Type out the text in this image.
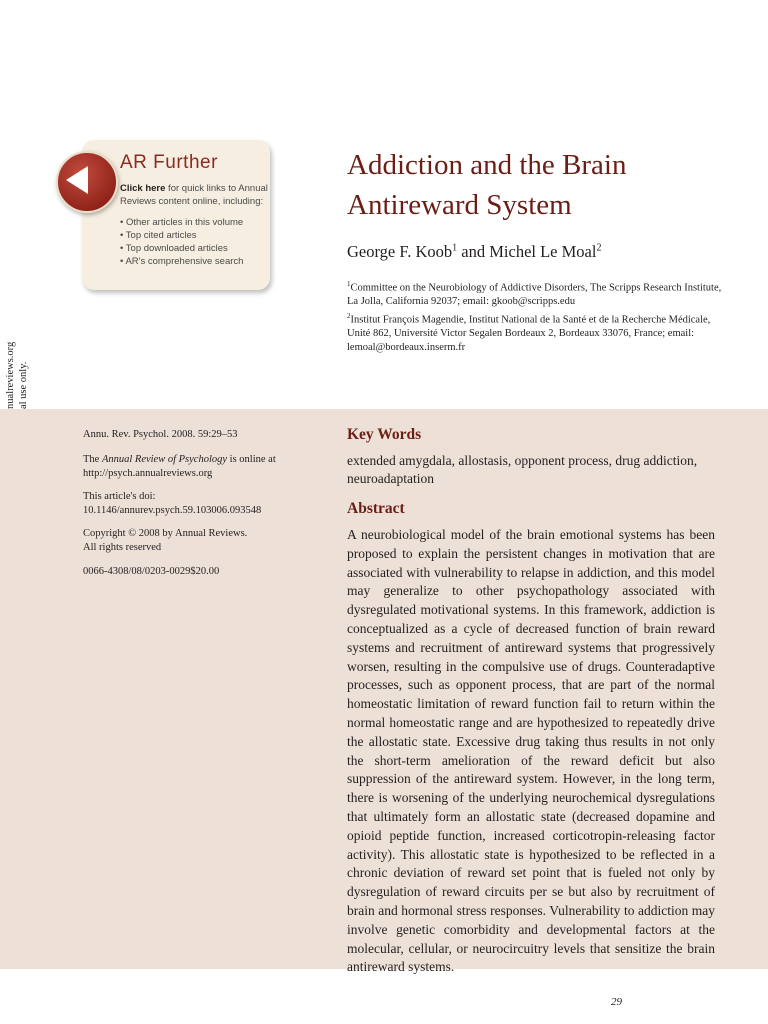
AR Further
Click here for quick links to Annual Reviews content online, including:
• Other articles in this volume
• Top cited articles
• Top downloaded articles
• AR's comprehensive search
Addiction and the Brain Antireward System
George F. Koob$^1$ and Michel Le Moal$^2$
$^1$Committee on the Neurobiology of Addictive Disorders, The Scripps Research Institute, La Jolla, California 92037; email: gkoob@scripps.edu
$^2$Institut François Magendie, Institut National de la Santé et de la Recherche Médicale, Unité 862, Université Victor Segalen Bordeaux 2, Bordeaux 33076, France; email: lemoal@bordeaux.inserm.fr
Annu. Rev. Psychol. 2008. 59:29–53
The Annual Review of Psychology is online at http://psych.annualreviews.org
This article's doi:
10.1146/annurev.psych.59.103006.093548
Copyright © 2008 by Annual Reviews.
All rights reserved
0066-4308/08/0203-0029$20.00
Key Words
extended amygdala, allostasis, opponent process, drug addiction, neuroadaptation
Abstract

A neurobiological model of the brain emotional systems has been proposed to explain the persistent changes in motivation that are associated with vulnerability to relapse in addiction, and this model may generalize to other psychopathology associated with dysregulated motivational systems. In this framework, addiction is conceptualized as a cycle of decreased function of brain reward systems and recruitment of antireward systems that progressively worsen, resulting in the compulsive use of drugs. Counteradaptive processes, such as opponent process, that are part of the normal homeostatic limitation of reward function fail to return within the normal homeostatic range and are hypothesized to repeatedly drive the allostatic state. Excessive drug taking thus results in not only the short-term amelioration of the reward deficit but also suppression of the antireward system. However, in the long term, there is worsening of the underlying neurochemical dysregulations that ultimately form an allostatic state (decreased dopamine and opioid peptide function, increased corticotropin-releasing factor activity). This allostatic state is hypothesized to be reflected in a chronic deviation of reward set point that is fueled not only by dysregulation of reward circuits per se but also by recruitment of brain and hormonal stress responses. Vulnerability to addiction may involve genetic comorbidity and developmental factors at the molecular, cellular, or neurocircuitry levels that sensitize the brain antireward systems.

29
